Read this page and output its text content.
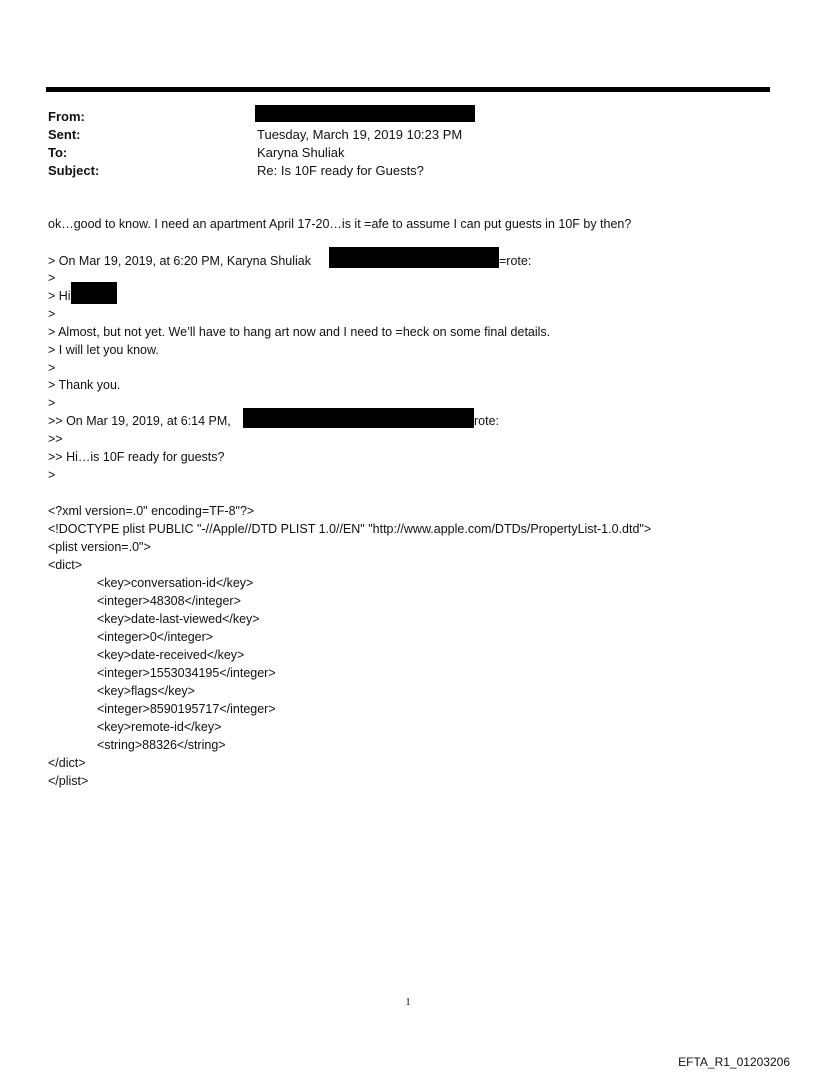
From:
Sent:	Tuesday, March 19, 2019 10:23 PM
To:	Karyna Shuliak
Subject:	Re: Is 10F ready for Guests?
ok…good to know. I need an apartment April 17-20…is it =afe to assume I can put guests in 10F by then?
> On Mar 19, 2019, at 6:20 PM, Karyna Shuliak	=rote:
>
> Hi
>
> Almost, but not yet. We’ll have to hang art now and I need to =heck on some final details.
> I will let you know.
>
> Thank you.
>
>> On Mar 19, 2019, at 6:14 PM,	rote:
>>
>> Hi…is 10F ready for guests?
>
<?xml version=.0" encoding=TF-8"?>
<!DOCTYPE plist PUBLIC "-//Apple//DTD PLIST 1.0//EN" "http://www.apple.com/DTDs/PropertyList-1.0.dtd">
<plist version=.0">
<dict>
<key>conversation-id</key>
<integer>48308</integer>
<key>date-last-viewed</key>
<integer>0</integer>
<key>date-received</key>
<integer>1553034195</integer>
<key>flags</key>
<integer>8590195717</integer>
<key>remote-id</key>
<string>88326</string>
</dict>
</plist>
1
EFTA_R1_01203206
